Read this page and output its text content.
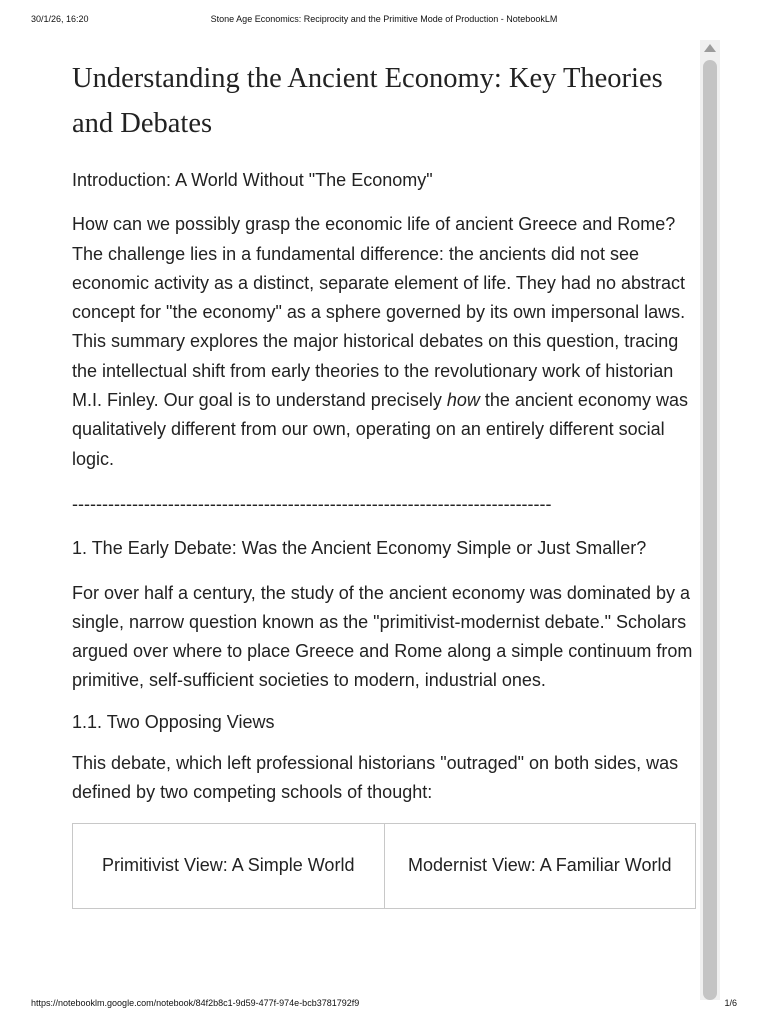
30/1/26, 16:20	Stone Age Economics: Reciprocity and the Primitive Mode of Production - NotebookLM
Understanding the Ancient Economy: Key Theories and Debates

Introduction: A World Without "The Economy"

How can we possibly grasp the economic life of ancient Greece and Rome? The challenge lies in a fundamental difference: the ancients did not see economic activity as a distinct, separate element of life. They had no abstract concept for "the economy" as a sphere governed by its own impersonal laws. This summary explores the major historical debates on this question, tracing the intellectual shift from early theories to the revolutionary work of historian M.I. Finley. Our goal is to understand precisely how the ancient economy was qualitatively different from our own, operating on an entirely different social logic.

--------------------------------------------------------------------------------

1. The Early Debate: Was the Ancient Economy Simple or Just Smaller?

For over half a century, the study of the ancient economy was dominated by a single, narrow question known as the "primitivist-modernist debate." Scholars argued over where to place Greece and Rome along a simple continuum from primitive, self-sufficient societies to modern, industrial ones.

1.1. Two Opposing Views

This debate, which left professional historians "outraged" on both sides, was defined by two competing schools of thought:

Primitivist View: A Simple World	Modernist View: A Familiar World
https://notebooklm.google.com/notebook/84f2b8c1-9d59-477f-974e-bcb3781792f9	1/6
